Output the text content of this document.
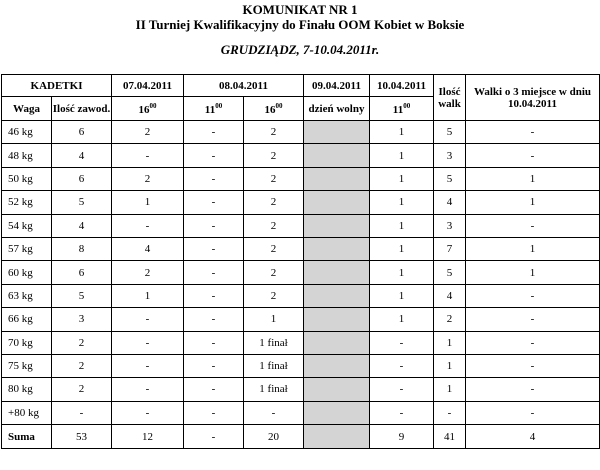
KOMUNIKAT NR 1
II Turniej Kwalifikacyjny do Finału OOM Kobiet w Boksie
GRUDZIĄDZ, 7-10.04.2011r.
KADETKI		07.04.2011	08.04.2011		09.04.2011	10.04.2011	Ilość walk	Walki o 3 miejsce w dniu 10.04.2011
Waga	Ilość zawod.	$16^{00}$	$11^{00}$	$16^{00}$	dzień wolny	$11^{00}$
46 kg	6	2	-	2		1	5	-
48 kg	4	-	-	2		1	3	-
50 kg	6	2	-	2		1	5	1
52 kg	5	1	-	2		1	4	1
54 kg	4	-	-	2		1	3	-
57 kg	8	4	-	2		1	7	1
60 kg	6	2	-	2		1	5	1
63 kg	5	1	-	2		1	4	-
66 kg	3	-	-	1		1	2	-
70 kg	2	-	-	1 finał		-	1	-
75 kg	2	-	-	1 finał		-	1	-
80 kg	2	-	-	1 finał		-	1	-
+80 kg	-	-	-	-		-	-	-
Suma	53	12	-	20		9	41	4
